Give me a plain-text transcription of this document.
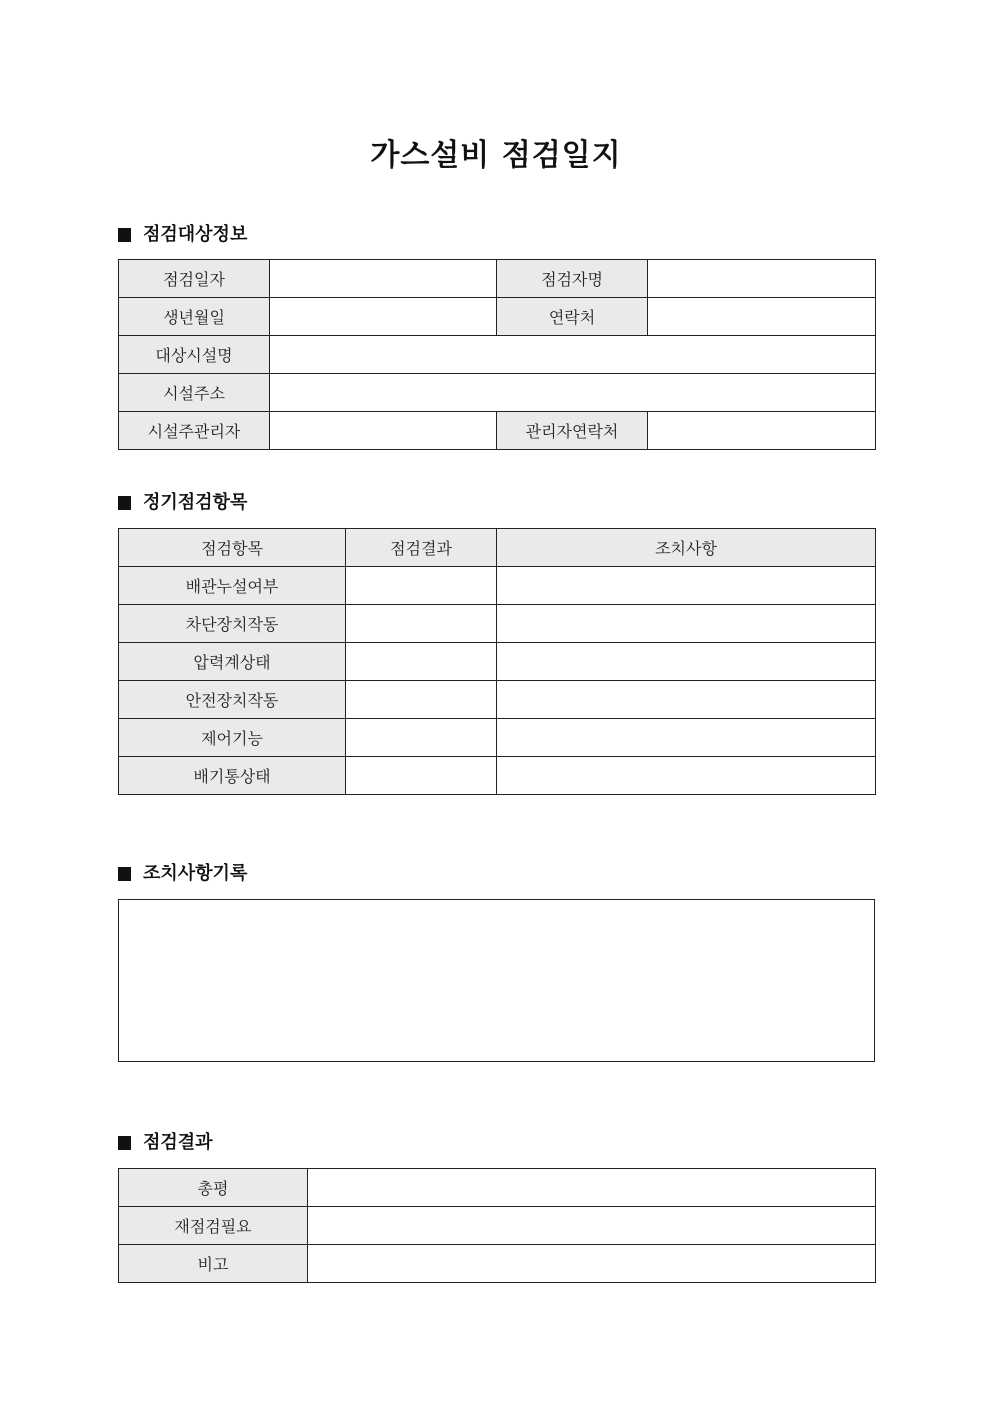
가스설비 점검일지
점검대상정보
점검일자		점검자명	
생년월일		연락처	
대상시설명			
시설주소			
시설주관리자		관리자연락처	
정기점검항목
점검항목	점검결과	조치사항
배관누설여부		
차단장치작동		
압력계상태		
안전장치작동		
제어기능		
배기통상태		
조치사항기록
점검결과
총평	
재점검필요	
비고	
